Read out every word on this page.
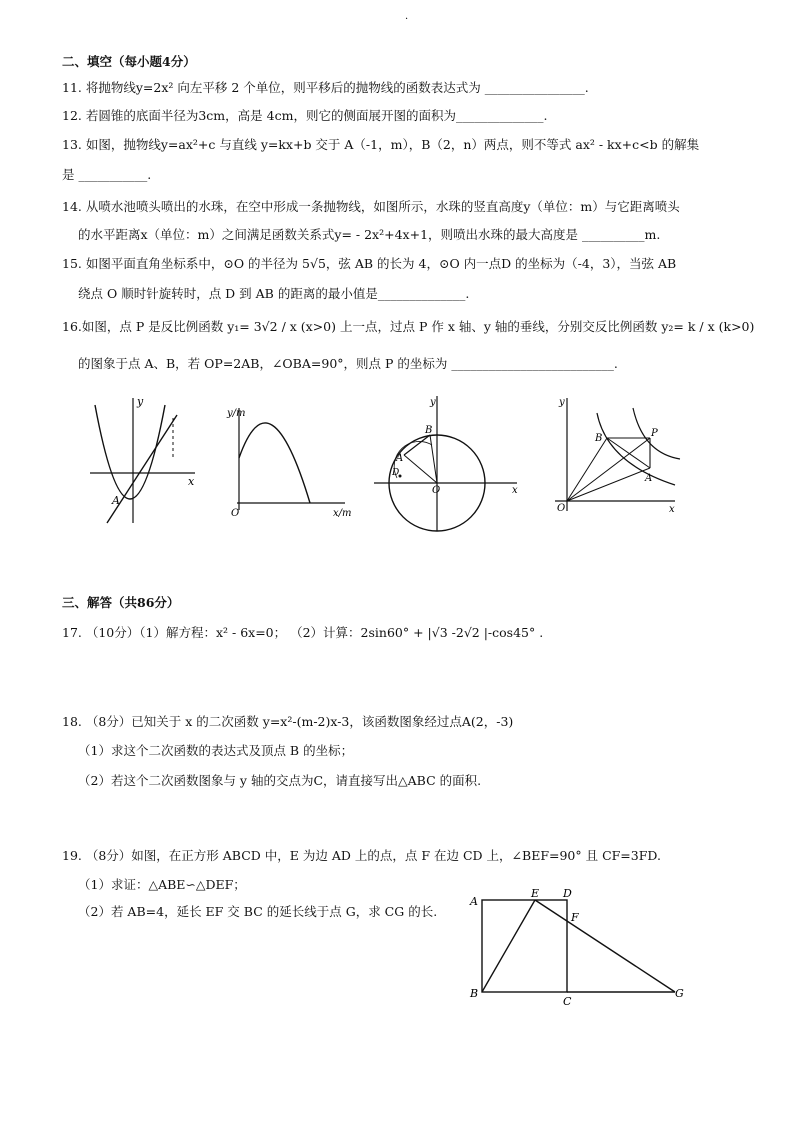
·
二、填空（每小题4分）
11. 将抛物线y=2x² 向左平移 2 个单位，则平移后的抛物线的函数表达式为 ________________.
12. 若圆锥的底面半径为3cm，高是 4cm，则它的侧面展开图的面积为______________.
13. 如图，抛物线y=ax²+c 与直线 y=kx+b 交于 A（-1，m），B（2，n）两点，则不等式 ax² - kx+c<b 的解集
是 ___________.
14. 从喷水池喷头喷出的水珠，在空中形成一条抛物线，如图所示，水珠的竖直高度y（单位：m）与它距离喷头
的水平距离x（单位：m）之间满足函数关系式y= - 2x²+4x+1，则喷出水珠的最大高度是 __________m.
15. 如图平面直角坐标系中，⊙O 的半径为 5√5，弦 AB 的长为 4，⊙O 内一点D 的坐标为（-4，3），当弦 AB
绕点 O 顺时针旋转时，点 D 到 AB 的距离的最小值是______________.
16.如图，点 P 是反比例函数 y₁= 3√2 / x (x>0) 上一点，过点 P 作 x 轴、y 轴的垂线，分别交反比例函数 y₂= k / x (k>0)
的图象于点 A、B，若 OP=2AB，∠OBA=90°，则点 P 的坐标为 __________________________.
y
x
A
y/m
x/m
O
B
A
D
O	x
y
B	P
A
O	x
y
三、解答（共86分）
17. （10分）（1）解方程：x² - 6x=0； （2）计算：2sin60° + |√3 -2√2 |-cos45° .
18. （8分）已知关于 x 的二次函数 y=x²-(m-2)x-3，该函数图象经过点A(2，-3)
（1）求这个二次函数的表达式及顶点 B 的坐标；
（2）若这个二次函数图象与 y 轴的交点为C，请直接写出△ABC 的面积.
19. （8分）如图，在正方形 ABCD 中，E 为边 AD 上的点，点 F 在边 CD 上，∠BEF=90° 且 CF=3FD.
（1）求证：△ABE∽△DEF；
（2）若 AB=4，延长 EF 交 BC 的延长线于点 G，求 CG 的长.
A
E D
F
B
C
G
